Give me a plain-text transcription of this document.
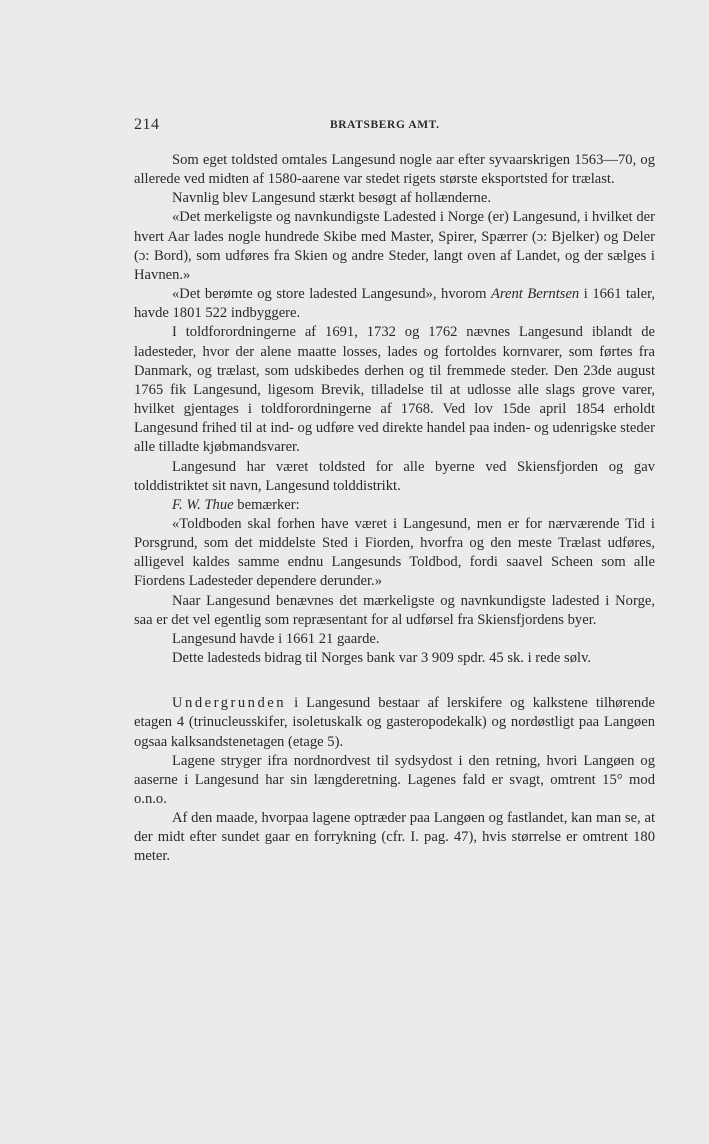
214	BRATSBERG AMT.

Som eget toldsted omtales Langesund nogle aar efter syvaarskrigen 1563—70, og allerede ved midten af 1580-aarene var stedet rigets største eksportsted for trælast.

Navnlig blev Langesund stærkt besøgt af hollænderne.

«Det merkeligste og navnkundigste Ladested i Norge (er) Langesund, i hvilket der hvert Aar lades nogle hundrede Skibe med Master, Spirer, Spærrer (ɔ: Bjelker) og Deler (ɔ: Bord), som udføres fra Skien og andre Steder, langt oven af Landet, og der sælges i Havnen.»

«Det berømte og store ladested Langesund», hvorom Arent Berntsen i 1661 taler, havde 1801 522 indbyggere.

I toldforordningerne af 1691, 1732 og 1762 nævnes Langesund iblandt de ladesteder, hvor der alene maatte losses, lades og fortoldes kornvarer, som førtes fra Danmark, og trælast, som udskibedes derhen og til fremmede steder. Den 23de august 1765 fik Langesund, ligesom Brevik, tilladelse til at udlosse alle slags grove varer, hvilket gjentages i toldforordningerne af 1768. Ved lov 15de april 1854 erholdt Langesund frihed til at ind- og udføre ved direkte handel paa inden- og udenrigske steder alle tilladte kjøbmandsvarer.

Langesund har været toldsted for alle byerne ved Skiensfjorden og gav tolddistriktet sit navn, Langesund tolddistrikt.

F. W. Thue bemærker:

«Toldboden skal forhen have været i Langesund, men er for nærværende Tid i Porsgrund, som det middelste Sted i Fiorden, hvorfra og den meste Trælast udføres, alligevel kaldes samme endnu Langesunds Toldbod, fordi saavel Scheen som alle Fiordens Ladesteder dependere derunder.»

Naar Langesund benævnes det mærkeligste og navnkundigste ladested i Norge, saa er det vel egentlig som repræsentant for al udførsel fra Skiensfjordens byer.

Langesund havde i 1661 21 gaarde.

Dette ladesteds bidrag til Norges bank var 3 909 spdr. 45 sk. i rede sølv.

Undergrunden i Langesund bestaar af lerskifere og kalkstene tilhørende etagen 4 (trinucleusskifer, isoletuskalk og gasteropodekalk) og nordøstligt paa Langøen ogsaa kalksandstenetagen (etage 5).

Lagene stryger ifra nordnordvest til sydsydost i den retning, hvori Langøen og aaserne i Langesund har sin længderetning. Lagenes fald er svagt, omtrent 15° mod o.n.o.

Af den maade, hvorpaa lagene optræder paa Langøen og fastlandet, kan man se, at der midt efter sundet gaar en forrykning (cfr. I. pag. 47), hvis størrelse er omtrent 180 meter.
